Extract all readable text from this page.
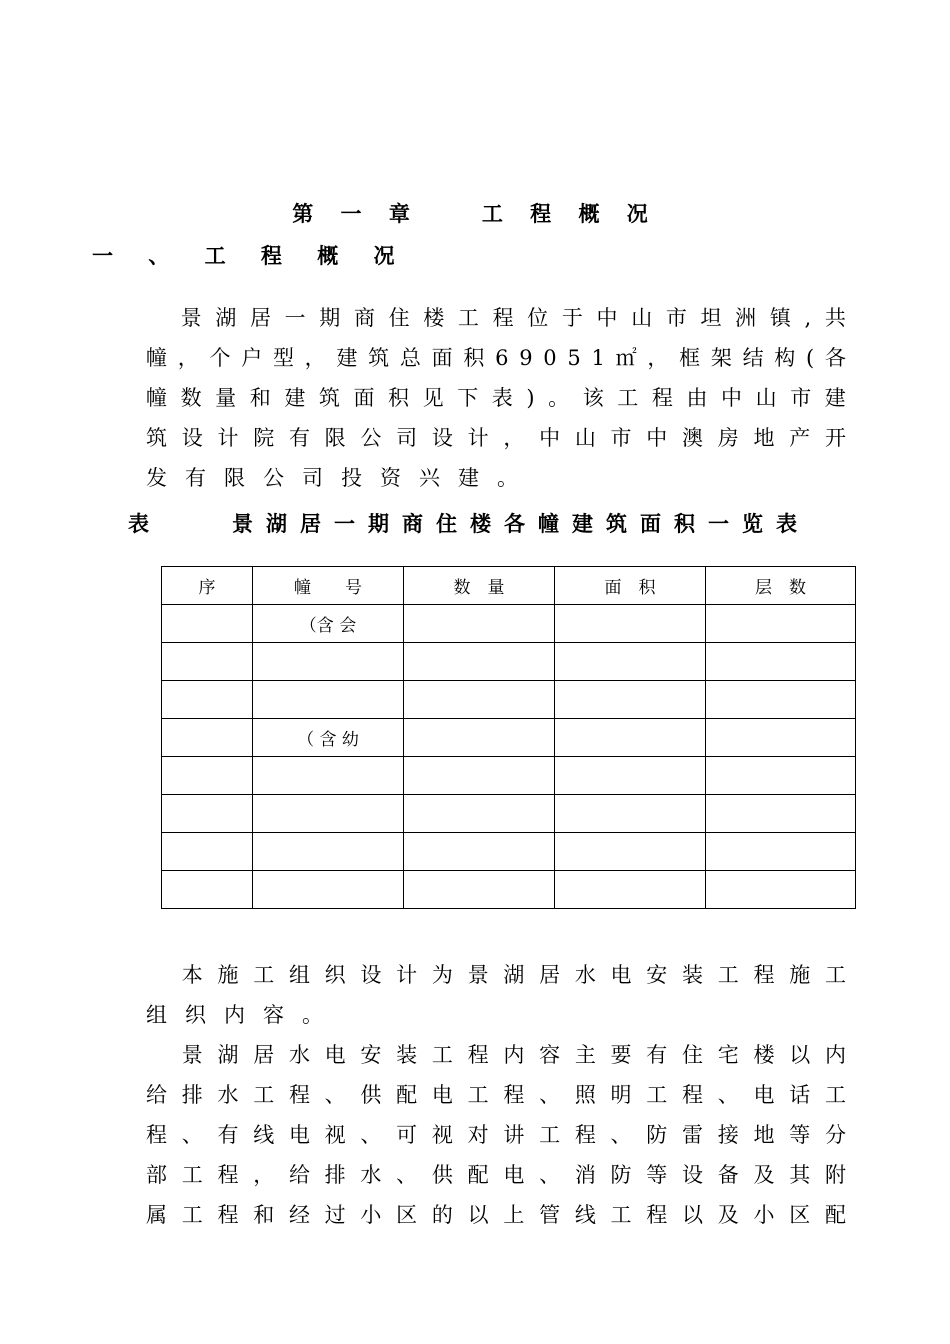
第 一 章　　工 程 概 况
一 、 工 程 概 况

景 湖 居 一 期 商 住 楼 工 程 位 于 中 山 市 坦 洲 镇 , 共
幢 ， 个 户 型 ， 建 筑 总 面 积 6 9 0 5 1 ㎡ ， 框 架 结 构 ( 各
幢 数 量 和 建 筑 面 积 见 下 表 ) 。 该 工 程 由 中 山 市 建
筑 设 计 院 有 限 公 司 设 计 ， 中 山 市 中 澳 房 地 产 开
发有限公司投资兴建。
表	景湖居一期商住楼各幢建筑面积一览表
序	幢　　号	数　量	面　积	层　数
	（含 会			

	（ 含 幼			

本 施 工 组 织 设 计 为 景 湖 居 水 电 安 装 工 程 施 工
组织内容。

景 湖 居 水 电 安 装 工 程 内 容 主 要 有 住 宅 楼 以 内
给 排 水 工 程 、 供 配 电 工 程 、 照 明 工 程 、 电 话 工
程 、 有 线 电 视 、 可 视 对 讲 工 程 、 防 雷 接 地 等 分
部 工 程 ， 给 排 水 、 供 配 电 、 消 防 等 设 备 及 其 附
属 工 程 和 经 过 小 区 的 以 上 管 线 工 程 以 及 小 区 配
